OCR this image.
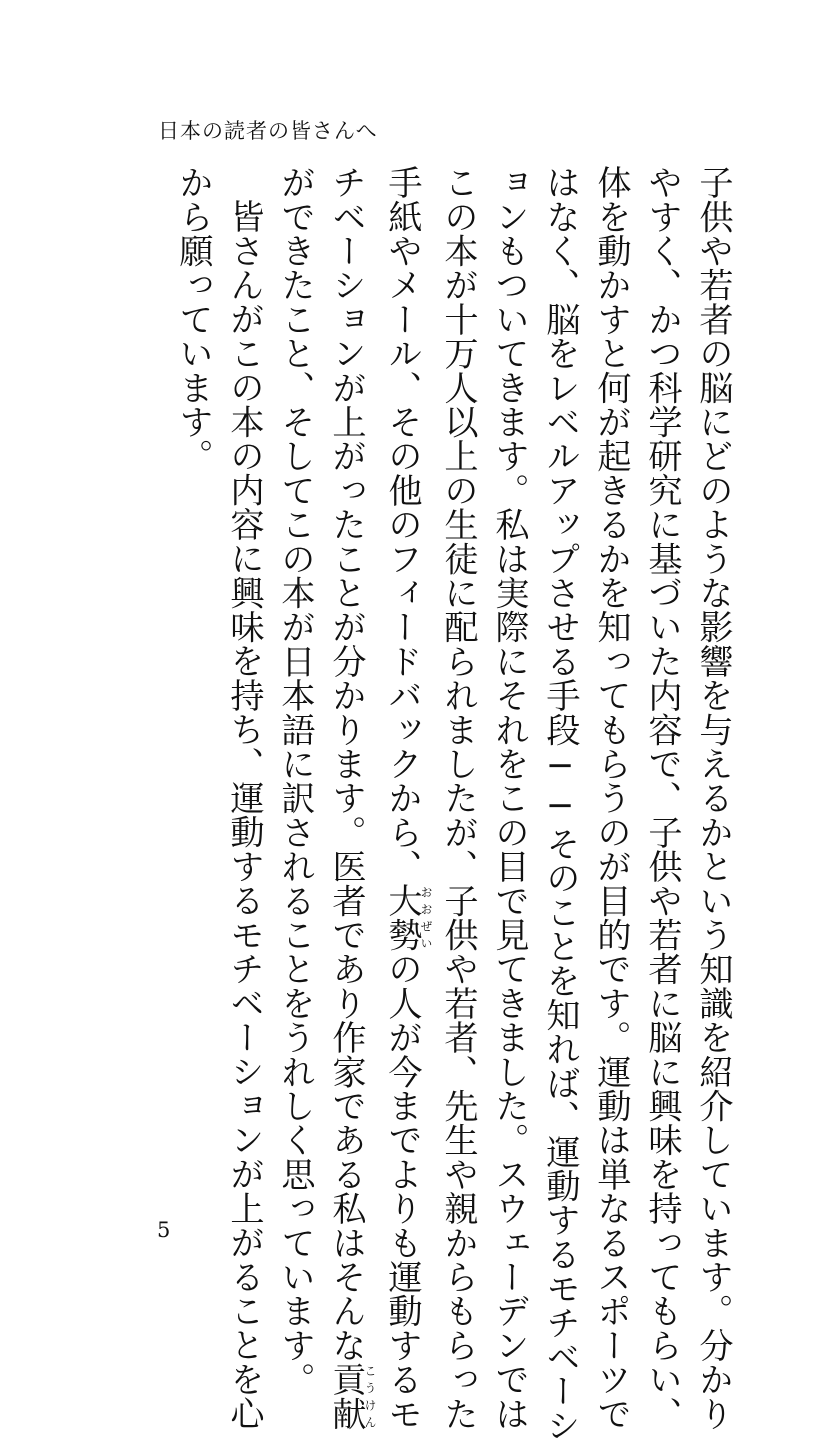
日本の読者の皆さんへ
子供や若者の脳にどのような影響を与えるかという知識を紹介しています。分かり
やすく、かつ科学研究に基づいた内容で、子供や若者に脳に興味を持ってもらい、
体を動かすと何が起きるかを知ってもらうのが目的です。運動は単なるスポーツで
はなく、脳をレベルアップさせる手段──そのことを知れば、運動するモチベーシ
ョンもついてきます。私は実際にそれをこの目で見てきました。スウェーデンでは
この本が十万人以上の生徒に配られましたが、子供や若者、先生や親からもらった
手紙やメール、その他のフィードバックから、大勢おおぜいの人が今までよりも運動するモ
チベーションが上がったことが分かります。医者であり作家である私はそんな貢献こうけん
ができたこと、そしてこの本が日本語に訳されることをうれしく思っています。
皆さんがこの本の内容に興味を持ち、運動するモチベーションが上がることを心
から願っています。
5
